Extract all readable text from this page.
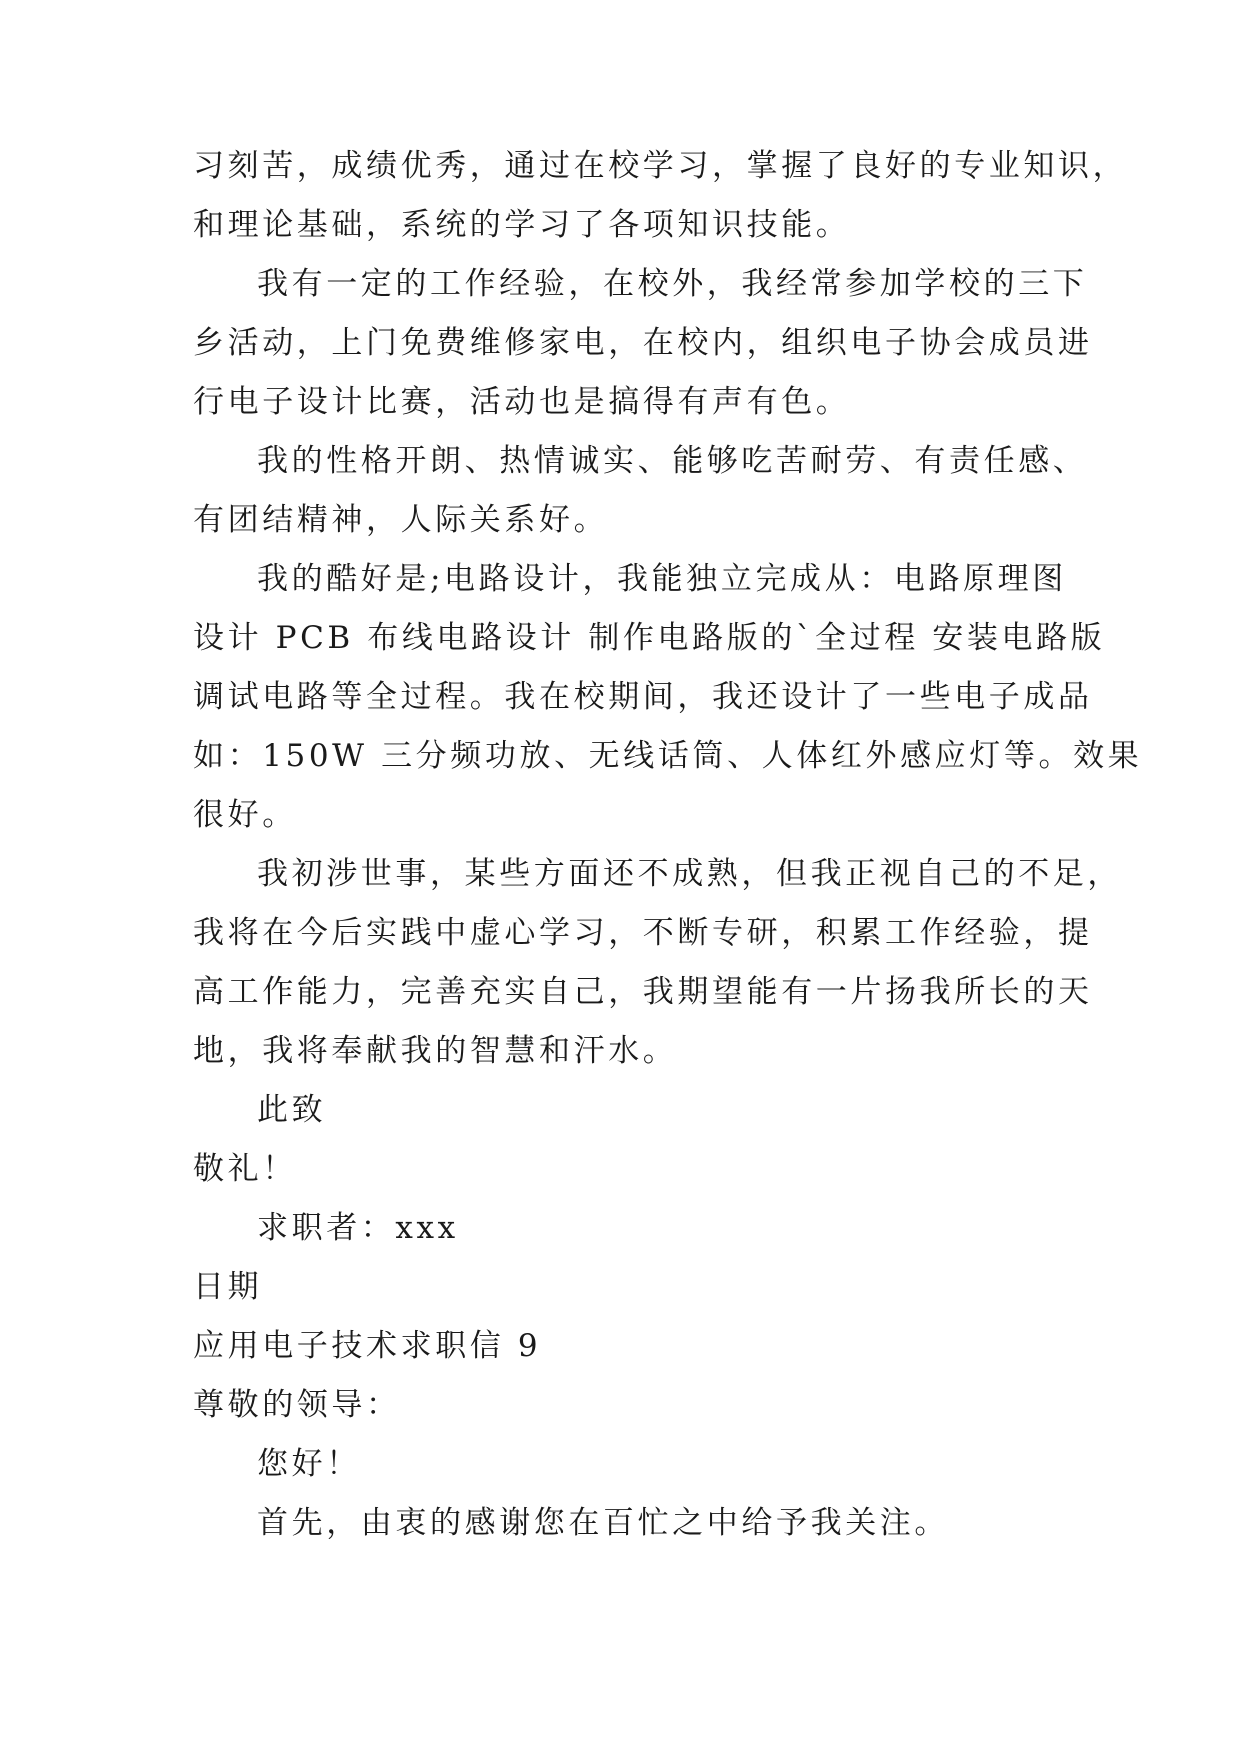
习刻苦，成绩优秀，通过在校学习，掌握了良好的专业知识，
和理论基础，系统的学习了各项知识技能。
我有一定的工作经验，在校外，我经常参加学校的三下
乡活动，上门免费维修家电，在校内，组织电子协会成员进
行电子设计比赛，活动也是搞得有声有色。
我的性格开朗、热情诚实、能够吃苦耐劳、有责任感、
有团结精神，人际关系好。
我的酷好是;电路设计，我能独立完成从：电路原理图
设计 PCB 布线电路设计 制作电路版的`全过程 安装电路版
调试电路等全过程。我在校期间，我还设计了一些电子成品
如：150W 三分频功放、无线话筒、人体红外感应灯等。效果
很好。
我初涉世事，某些方面还不成熟，但我正视自己的不足，
我将在今后实践中虚心学习，不断专研，积累工作经验，提
高工作能力，完善充实自己，我期望能有一片扬我所长的天
地，我将奉献我的智慧和汗水。
此致
敬礼！
求职者：xxx
日期
应用电子技术求职信 9
尊敬的领导：
您好！
首先，由衷的感谢您在百忙之中给予我关注。
